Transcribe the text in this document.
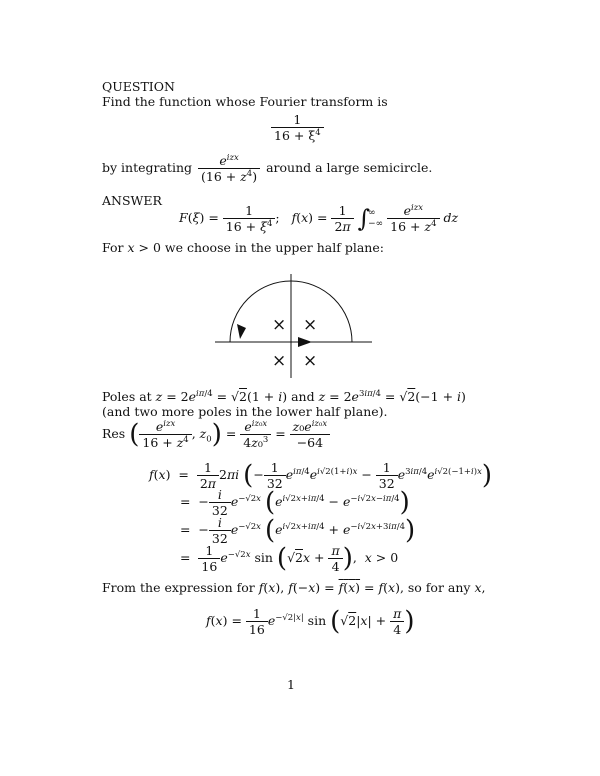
QUESTION
Find the function whose Fourier transform is
$\frac{1}{16 + \xi^4}$
by integrating $\frac{e^{izx}}{(16 + z^4)}$ around a large semicircle.
ANSWER
$F(\xi) = \frac{1}{16 + \xi^4}$ ;   $f(x) = \frac{1}{2\pi}$ ∫∞
−∞ $\frac{e^{izx}}{16 + z^4}$ dz
For x > 0 we choose in the upper half plane:
× ×
× ×
Poles at $z = 2e^{i\pi/4} = √2(1 + i)$ and $z = 2e^{3i\pi/4} = √2(-1 + i)$
(and two more poles in the lower half plane).
Res ( $\frac{e^{izx}}{16 + z^4}$ , $z_0) = \frac{e^{iz_0x}}{4z_0^3} = \frac{z_0e^{iz_0x}}{-64}$
$f(x) = \frac{1}{2\pi} 2\pi i$ (− $\frac{1}{32} e^{i\pi/4}e^{i√2(1+i)x} - \frac{1}{32} e^{3i\pi/4}e^{i√2(-1+i)x}$)
=  − $\frac{i}{32} e^{-√2x}$ $(e^{i√2x+i\pi/4} - e^{-i√2x-i\pi/4})$
=  − $\frac{i}{32} e^{-√2x}$ $(e^{i√2x+i\pi/4} + e^{-i√2x+3i\pi/4})$
= $\frac{1}{16} e^{-√2x}$ $\sin (√2x + \frac{\pi}{4}$ ),  x > 0
From the expression for f(x), f(−x) = f(x) = f(x), so for any x,
$f(x) = \frac{1}{16} e^{-√2|x|}$ $\sin (√2|x| + \frac{\pi}{4}$ )
1
